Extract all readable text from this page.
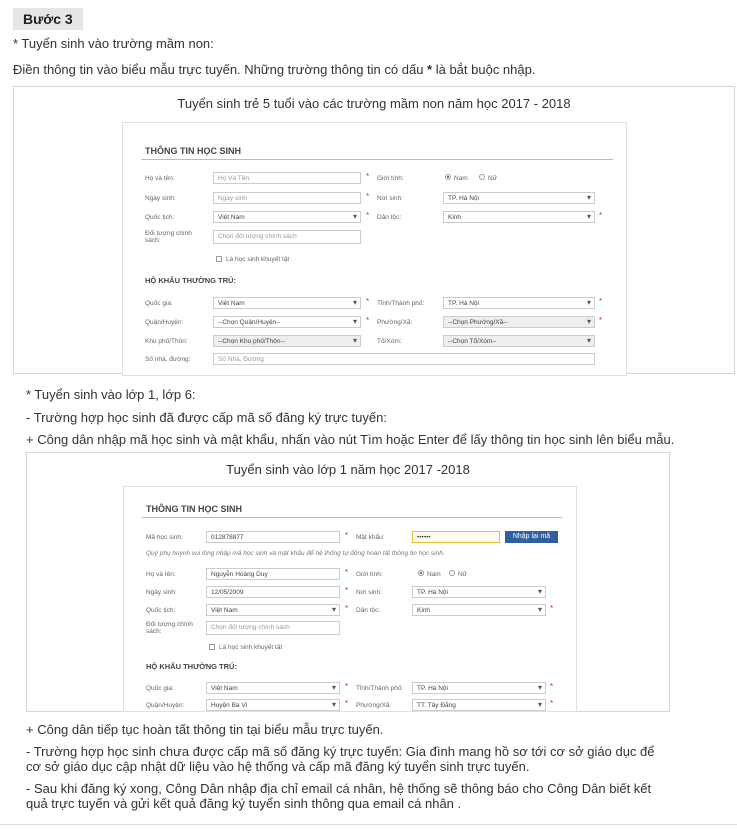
Bước 3
* Tuyển sinh vào trường mầm non:
Điền thông tin vào biểu mẫu trực tuyến. Những trường thông tin có dấu * là bắt buộc nhập.
Tuyển sinh trẻ 5 tuổi vào các trường mầm non năm học 2017 - 2018
THÔNG TIN HỌC SINH
Họ và tên:	Họ Và Tên	* Giới tính:	Nam	Nữ
Ngày sinh:	Ngày sinh	* Nơi sinh:	TP. Hà Nội ▾
Quốc tịch:	Việt Nam ▾	* Dân tộc:	Kinh ▾	*
Đối tượng chính sách:
Chọn đối tượng chính sách
Là học sinh khuyết tật
HỘ KHẨU THƯỜNG TRÚ:
Quốc gia:	Việt Nam ▾	* Tỉnh/Thành phố:	TP. Hà Nội ▾	*
Quận/Huyện:	--Chọn Quận/Huyện-- ▾	* Phường/Xã:	--Chọn Phường/Xã-- ▾	*
Khu phố/Thôn:	--Chọn Khu phố/Thôn-- ▾	Tổ/Xóm:	--Chọn Tổ/Xóm-- ▾
Số nhà, đường:	Số Nhà, Đường
* Tuyển sinh vào lớp 1, lớp 6:
- Trường hợp học sinh đã được cấp mã số đăng ký trực tuyến:
+ Công dân nhập mã học sinh và mật khẩu, nhấn vào nút Tìm hoặc Enter để lấy thông tin học sinh lên biểu mẫu.
Tuyển sinh vào lớp 1 năm học 2017 -2018
THÔNG TIN HỌC SINH
Mã học sinh:	012878877	* Mật khẩu:	••••••	Nhập lại mã
Quý phụ huynh vui lòng nhập mã học sinh và mật khẩu để hệ thống tự động hoàn tất thông tin học sinh.
Họ và tên:	Nguyễn Hoàng Duy	* Giới tính:	Nam	Nữ
Ngày sinh:	12/05/2009	* Nơi sinh:	TP. Hà Nội ▾
Quốc tịch:	Việt Nam ▾	* Dân tộc:	Kinh ▾	*
Đối tượng chính sách:
Chọn đối tượng chính sách
Là học sinh khuyết tật
HỘ KHẨU THƯỜNG TRÚ:
Quốc gia:	Việt Nam ▾	* Tỉnh/Thành phố:	TP. Hà Nội ▾	*
Quận/Huyện:	Huyện Ba Vì ▾	* Phường/Xã:	TT. Tây Đằng ▾	*
+ Công dân tiếp tục hoàn tất thông tin tại biểu mẫu trực tuyến.
- Trường hợp học sinh chưa được cấp mã số đăng ký trực tuyến: Gia đình mang hồ sơ tới cơ sở giáo dục để cơ sở giáo dục cập nhật dữ liệu vào hệ thống và cấp mã đăng ký tuyển sinh trực tuyến.
- Sau khi đăng ký xong, Công Dân nhập địa chỉ email cá nhân, hệ thống sẽ thông báo cho Công Dân biết kết quả trực tuyến và gửi kết quả đăng ký tuyển sinh thông qua email cá nhân .
